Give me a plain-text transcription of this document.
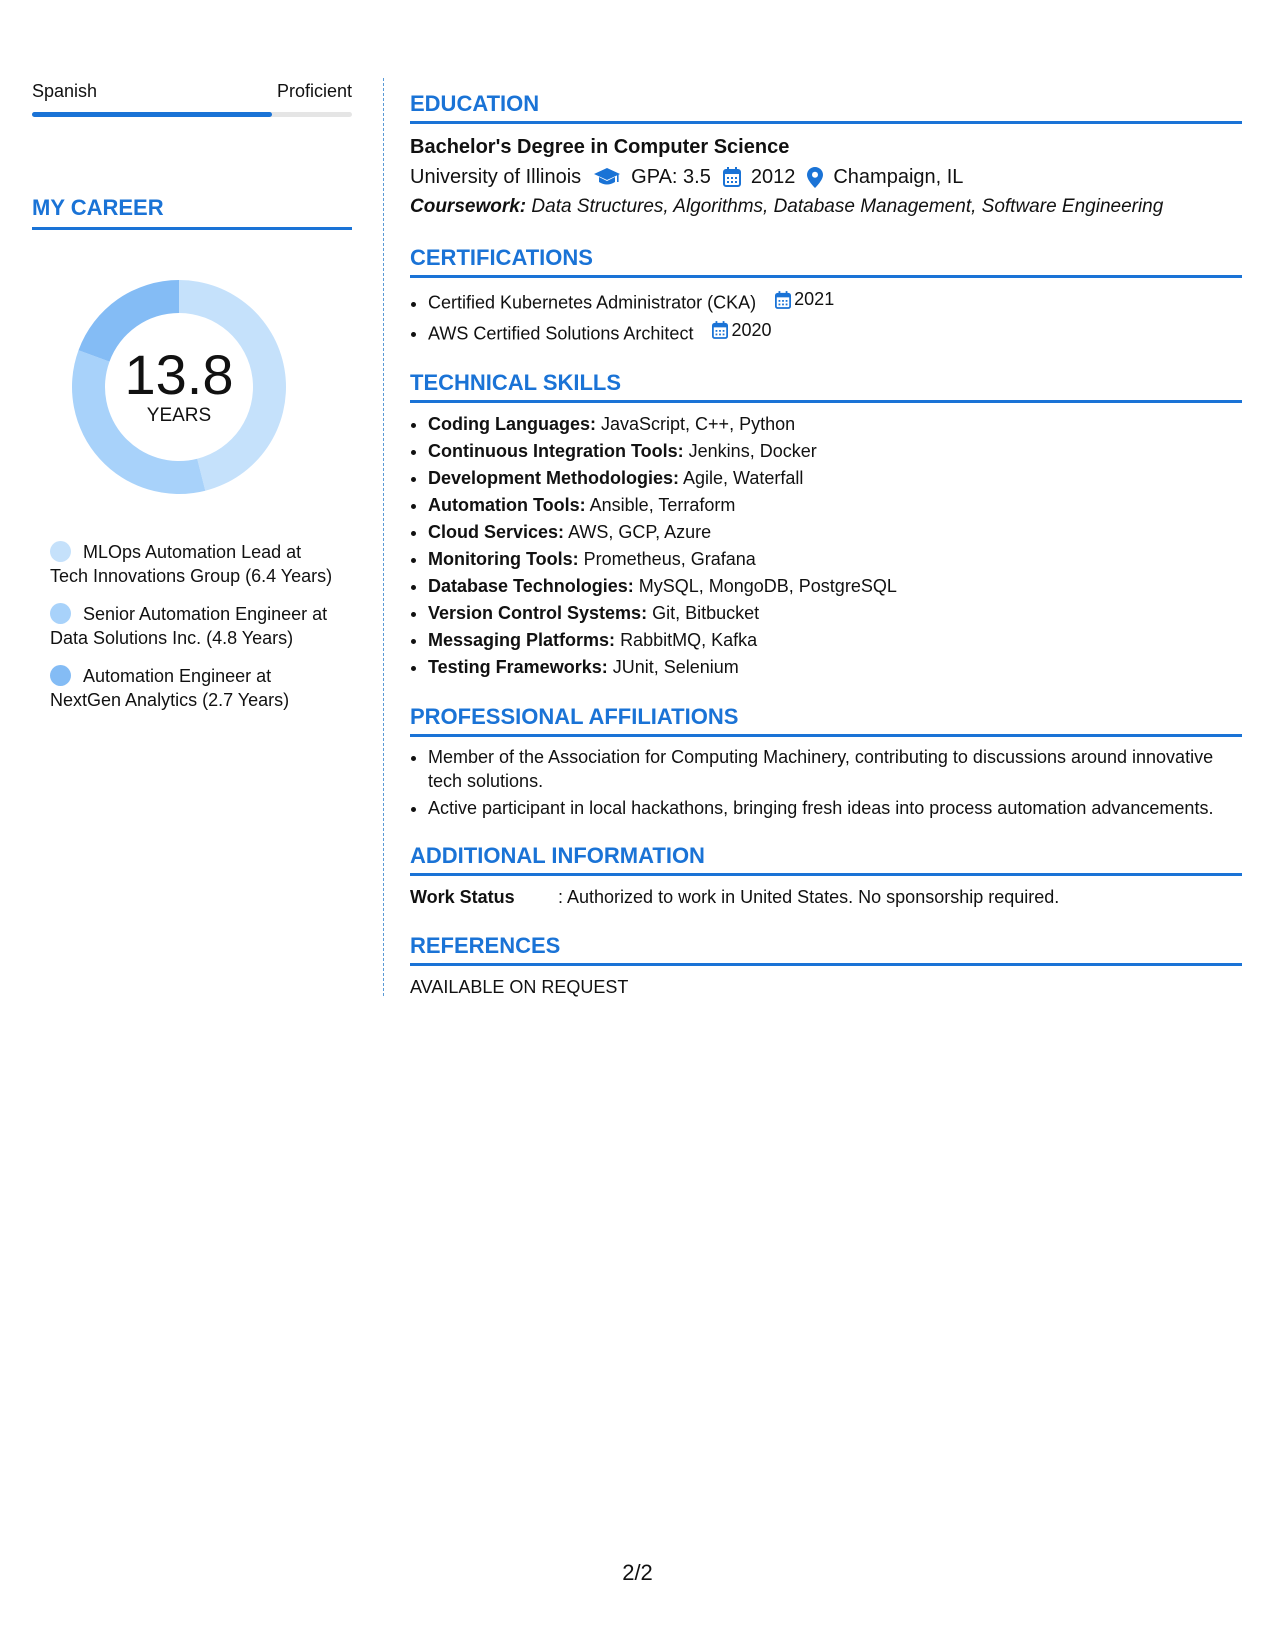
Spanish	Proficient
MY CAREER
13.8
YEARS
MLOps Automation Lead at Tech Innovations Group (6.4 Years)
Senior Automation Engineer at Data Solutions Inc. (4.8 Years)
Automation Engineer at NextGen Analytics (2.7 Years)
EDUCATION
Bachelor's Degree in Computer Science
University of Illinois	GPA: 3.5 2012 Champaign, IL
Coursework: Data Structures, Algorithms, Database Management, Software Engineering
CERTIFICATIONS
• Certified Kubernetes Administrator (CKA) 2021
• AWS Certified Solutions Architect 2020
TECHNICAL SKILLS
• Coding Languages: JavaScript, C++, Python
• Continuous Integration Tools: Jenkins, Docker
• Development Methodologies: Agile, Waterfall
• Automation Tools: Ansible, Terraform
• Cloud Services: AWS, GCP, Azure
• Monitoring Tools: Prometheus, Grafana
• Database Technologies: MySQL, MongoDB, PostgreSQL
• Version Control Systems: Git, Bitbucket
• Messaging Platforms: RabbitMQ, Kafka
• Testing Frameworks: JUnit, Selenium
PROFESSIONAL AFFILIATIONS
• Member of the Association for Computing Machinery, contributing to discussions around innovative tech solutions.
• Active participant in local hackathons, bringing fresh ideas into process automation advancements.
ADDITIONAL INFORMATION
Work Status	: Authorized to work in United States. No sponsorship required.
REFERENCES
AVAILABLE ON REQUEST
2/2
